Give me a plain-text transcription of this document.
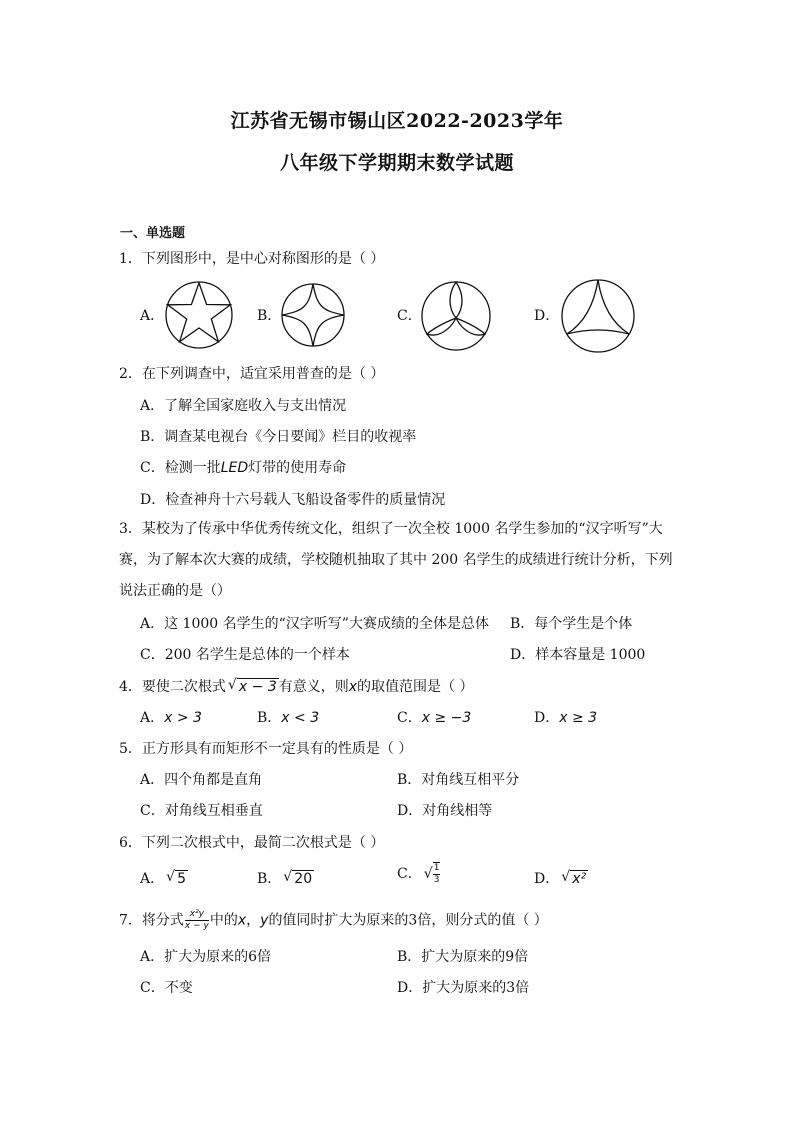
江苏省无锡市锡山区2022-2023学年
八年级下学期期末数学试题
一、单选题
1．下列图形中，是中心对称图形的是（ ）
A．	B．	C．	D．
2．在下列调查中，适宜采用普查的是（ ）
A．了解全国家庭收入与支出情况
B．调查某电视台《今日要闻》栏目的收视率
C．检测一批LED灯带的使用寿命
D．检查神舟十六号载人飞船设备零件的质量情况
3．某校为了传承中华优秀传统文化，组织了一次全校 1000 名学生参加的“汉字听写”大赛，为了解本次大赛的成绩，学校随机抽取了其中 200 名学生的成绩进行统计分析，下列说法正确的是（）
A．这 1000 名学生的“汉字听写”大赛成绩的全体是总体 B．每个学生是个体
C．200 名学生是总体的一个样本	D．样本容量是 1000
4．要使二次根式 √ x − 3 有意义，则x的取值范围是（ ）
A．x > 3	B．x < 3	C．x ≥ −3	D．x ≥ 3
5．正方形具有而矩形不一定具有的性质是（ ）
A．四个角都是直角	B．对角线互相平分
C．对角线互相垂直	D．对角线相等
6．下列二次根式中，最简二次根式是（ ）
A． √ 5	B． √ 20	C． √ $\frac{1}{3}$	D． √ x²
7．将分式 $\frac{\text{x²y}}{x - y}$ 中的x，y的值同时扩大为原来的3倍，则分式的值（ ）
A．扩大为原来的6倍	B．扩大为原来的9倍
C．不变	D．扩大为原来的3倍
